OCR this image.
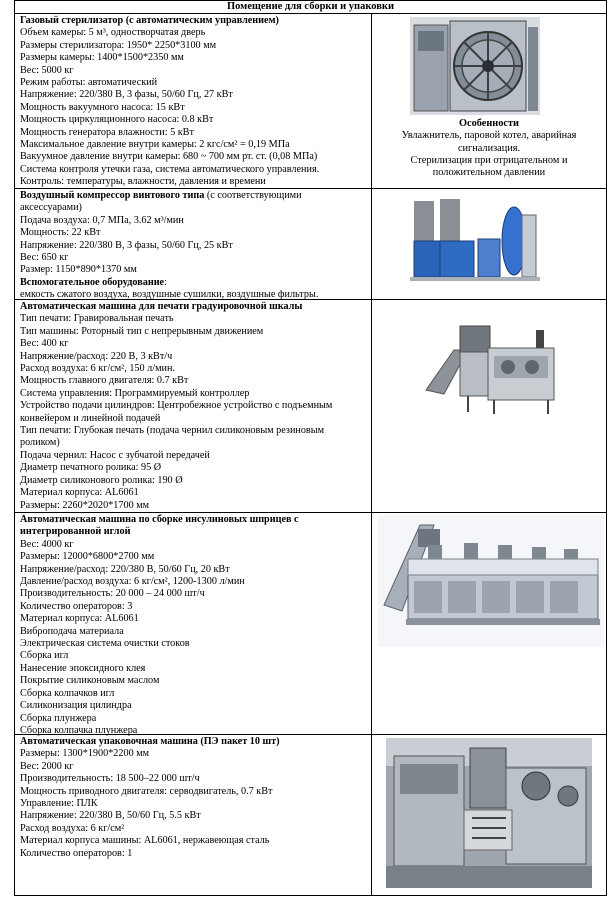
Помещение для сборки и упаковки
Газовый стерилизатор (с автоматическим управлением)
Объем камеры: 5 м³, одностворчатая дверь
Размеры стерилизатора: 1950* 2250*3100 мм
Размеры камеры: 1400*1500*2350 мм
Вес: 5000 кг
Режим работы: автоматический
Напряжение: 220/380 В, 3 фазы, 50/60 Гц, 27 кВт
Мощность вакуумного насоса: 15 кВт
Мощность циркуляционного насоса: 0.8 кВт
Мощность генератора влажности: 5 кВт
Максимальное давление внутри камеры: 2 кгс/см² = 0,19 МПа
Вакуумное давление внутри камеры: 680 ~ 700 мм рт. ст. (0,08 МПа)
Система контроля утечки газа, система автоматического управления.
Контроль: температуры, влажности, давления и времени
Особенности
Увлажнитель, паровой котел, аварийная
сигнализация.
Стерилизация при отрицательном и
положительном давлении
Воздушный компрессор винтового типа (с соответствующими
аксессуарами)
Подача воздуха: 0,7 МПа, 3.62 м³/мин
Мощность: 22 кВт
Напряжение: 220/380 В, 3 фазы, 50/60 Гц, 25 кВт
Вес: 650 кг
Размер: 1150*890*1370 мм
Вспомогательное оборудование:
емкость сжатого воздуха, воздушные сушилки, воздушные фильтры.
Автоматическая машина для печати градуировочной шкалы
Тип печати: Гравировальная печать
Тип машины: Роторный тип с непрерывным движением
Вес: 400 кг
Напряжение/расход: 220 В, 3 кВт/ч
Расход воздуха: 6 кг/см², 150 л/мин.
Мощность главного двигателя: 0.7 кВт
Система управления: Программируемый контроллер
Устройство подачи цилиндров: Центробежное устройство с подъемным
конвейером и линейной подачей
Тип печати: Глубокая печать (подача чернил силиконовым резиновым
роликом)
Подача чернил: Насос с зубчатой передачей
Диаметр печатного ролика: 95 Ø
Диаметр силиконового ролика: 190 Ø
Материал корпуса: AL6061
Размеры: 2260*2020*1700 мм
Автоматическая машина по сборке инсулиновых шприцев с
интегрированной иглой
Вес: 4000 кг
Размеры: 12000*6800*2700 мм
Напряжение/расход: 220/380 В, 50/60 Гц, 20 кВт
Давление/расход воздуха: 6 кг/см², 1200-1300 л/мин
Производительность: 20 000 – 24 000 шт/ч
Количество операторов: 3
Материал корпуса: AL6061
Вибροподача материала
Электрическая система очистки стоков
Сборка игл
Нанесение эпоксидного клея
Покрытие силиконовым маслом
Сборка колпачков игл
Силиконизация цилиндра
Сборка плунжера
Сборка колпачка плунжера
Автоматическая упаковочная машина (ПЭ пакет 10 шт)
Размеры: 1300*1900*2200 мм
Вес: 2000 кг
Производительность: 18 500–22 000 шт/ч
Мощность приводного двигателя: серводвигатель, 0.7 кВт
Управление: ПЛК
Напряжение: 220/380 В, 50/60 Гц, 5.5 кВт
Расход воздуха: 6 кг/см²
Материал корпуса машины: AL6061, нержавеющая сталь
Количество операторов: 1
